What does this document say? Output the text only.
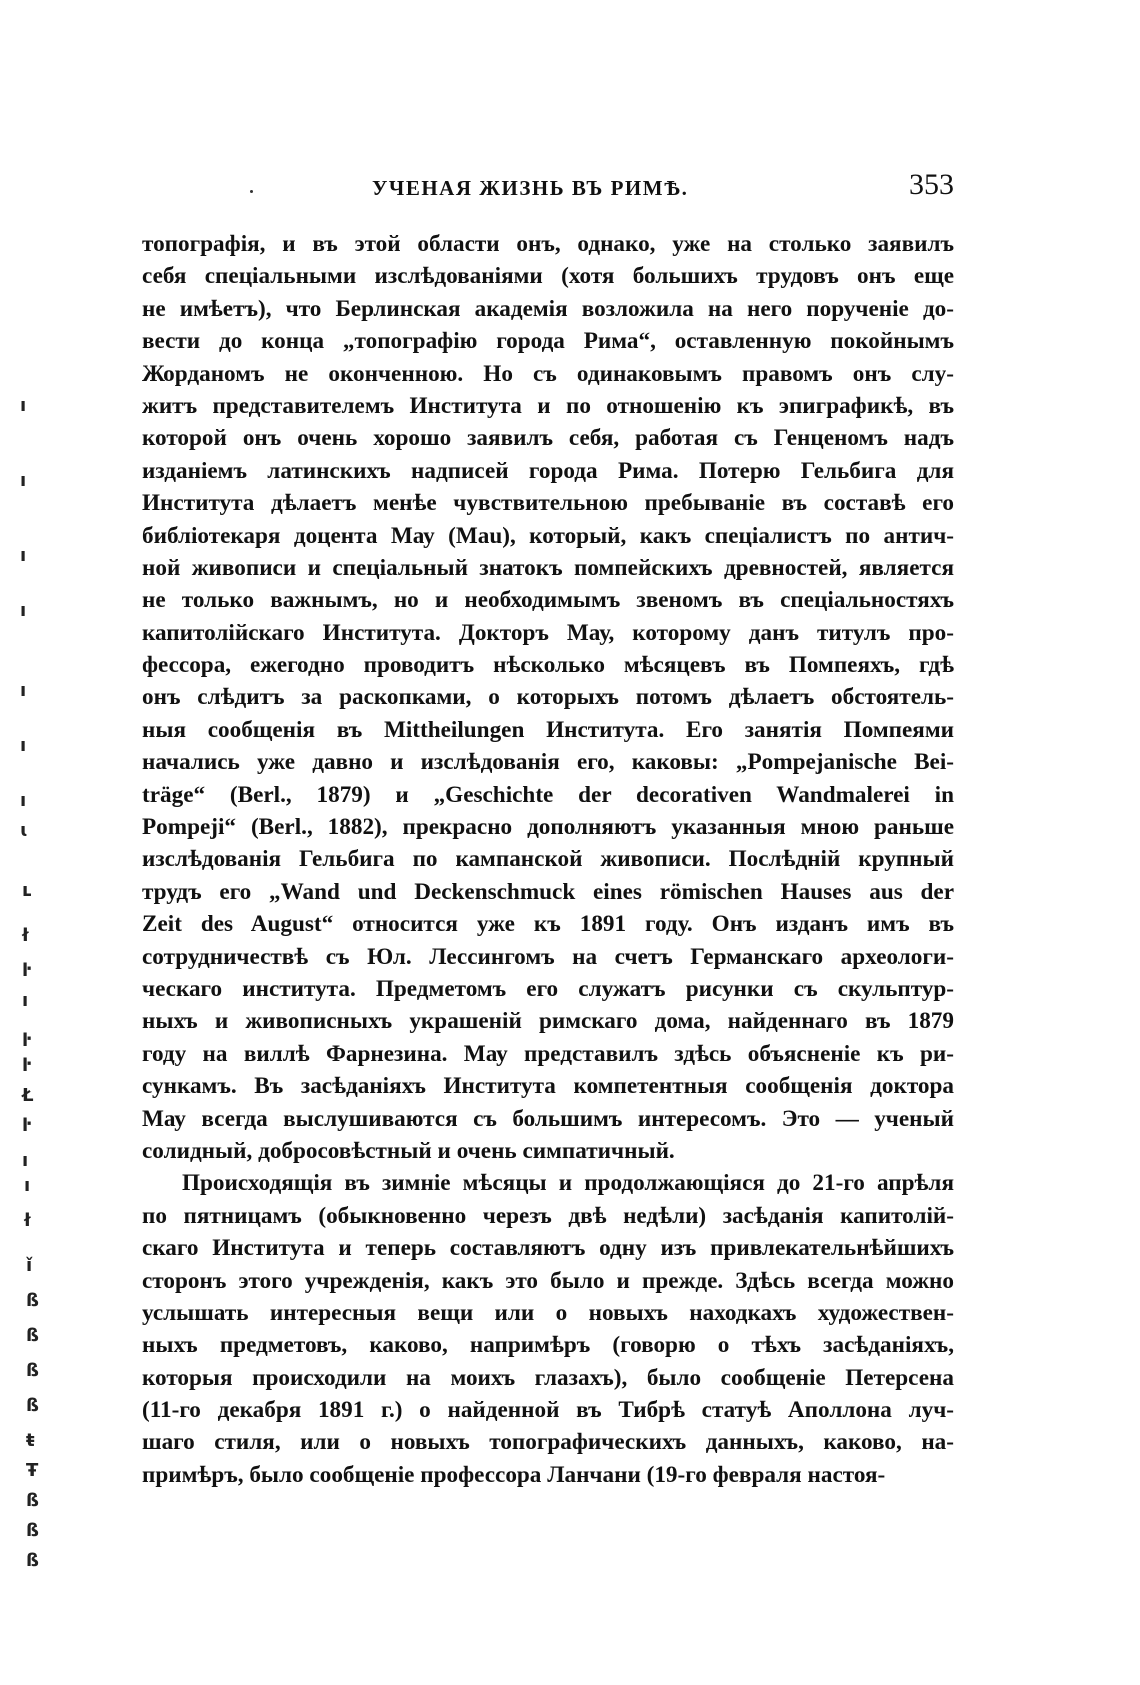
УЧЕНАЯ ЖИЗНЬ ВЪ РИМѢ.	353
топографія, и въ этой области онъ, однако, уже на столько заявилъ
себя спеціальными изслѣдованіями (хотя большихъ трудовъ онъ еще
не имѣетъ), что Берлинская академія возложила на него порученіе до-
вести до конца „топографію города Рима“, оставленную покойнымъ
Жорданомъ не оконченною. Но съ одинаковымъ правомъ онъ слу-
житъ представителемъ Института и по отношенію къ эпиграфикѣ, въ
которой онъ очень хорошо заявилъ себя, работая съ Генценомъ надъ
изданіемъ латинскихъ надписей города Рима. Потерю Гельбига для
Института дѣлаетъ менѣе чувствительною пребываніе въ составѣ его
библіотекаря доцента Мау (Mau), который, какъ спеціалистъ по антич-
ной живописи и спеціальный знатокъ помпейскихъ древностей, является
не только важнымъ, но и необходимымъ звеномъ въ спеціальностяхъ
капитолійскаго Института. Докторъ Мау, которому данъ титулъ про-
фессора, ежегодно проводитъ нѣсколько мѣсяцевъ въ Помпеяхъ, гдѣ
онъ слѣдитъ за раскопками, о которыхъ потомъ дѣлаетъ обстоятель-
ныя сообщенія въ Mittheilungen Института. Его занятія Помпеями
начались уже давно и изслѣдованія его, каковы: „Pompejanische Bei-
träge“ (Berl., 1879) и „Geschichte der decorativen Wandmalerei in
Pompeji“ (Berl., 1882), прекрасно дополняютъ указанныя мною раньше
изслѣдованія Гельбига по кампанской живописи. Послѣдній крупный
трудъ его „Wand und Deckenschmuck eines römischen Hauses aus der
Zeit des August“ относится уже къ 1891 году. Онъ изданъ имъ въ
сотрудничествѣ съ Юл. Лессингомъ на счетъ Германскаго археологи-
ческаго института. Предметомъ его служатъ рисунки съ скульптур-
ныхъ и живописныхъ украшеній римскаго дома, найденнаго въ 1879
году на виллѣ Фарнезина. Мау представилъ здѣсь объясненіе къ ри-
сункамъ. Въ засѣданіяхъ Института компетентныя сообщенія доктора
Мау всегда выслушиваются съ большимъ интересомъ. Это — ученый
солидный, добросовѣстный и очень симпатичный.
Происходящія въ зимніе мѣсяцы и продолжающіяся до 21-го апрѣля
по пятницамъ (обыкновенно черезъ двѣ недѣли) засѣданія капитолій-
скаго Института и теперь составляютъ одну изъ привлекательнѣйшихъ
сторонъ этого учрежденія, какъ это было и прежде. Здѣсь всегда можно
услышать интересныя вещи или о новыхъ находкахъ художествен-
ныхъ предметовъ, каково, напримѣръ (говорю о тѣхъ засѣданіяхъ,
которыя происходили на моихъ глазахъ), было сообщеніе Петерсена
(11-го декабря 1891 г.) о найденной въ Тибрѣ статуѣ Аполлона луч-
шаго стиля, или о новыхъ топографическихъ данныхъ, каково, на-
примѣръ, было сообщеніе профессора Ланчани (19-го февраля настоя-
ı
ı
ı
ı
ı
ı
ı
ɩ
ʟ
ł
ŀ
ı
ŀ
ŀ
Ł
ŀ
ı
ı
ł
ǐ
ß
ß
ß
ß
ŧ
Ŧ
ß
ß
ß
